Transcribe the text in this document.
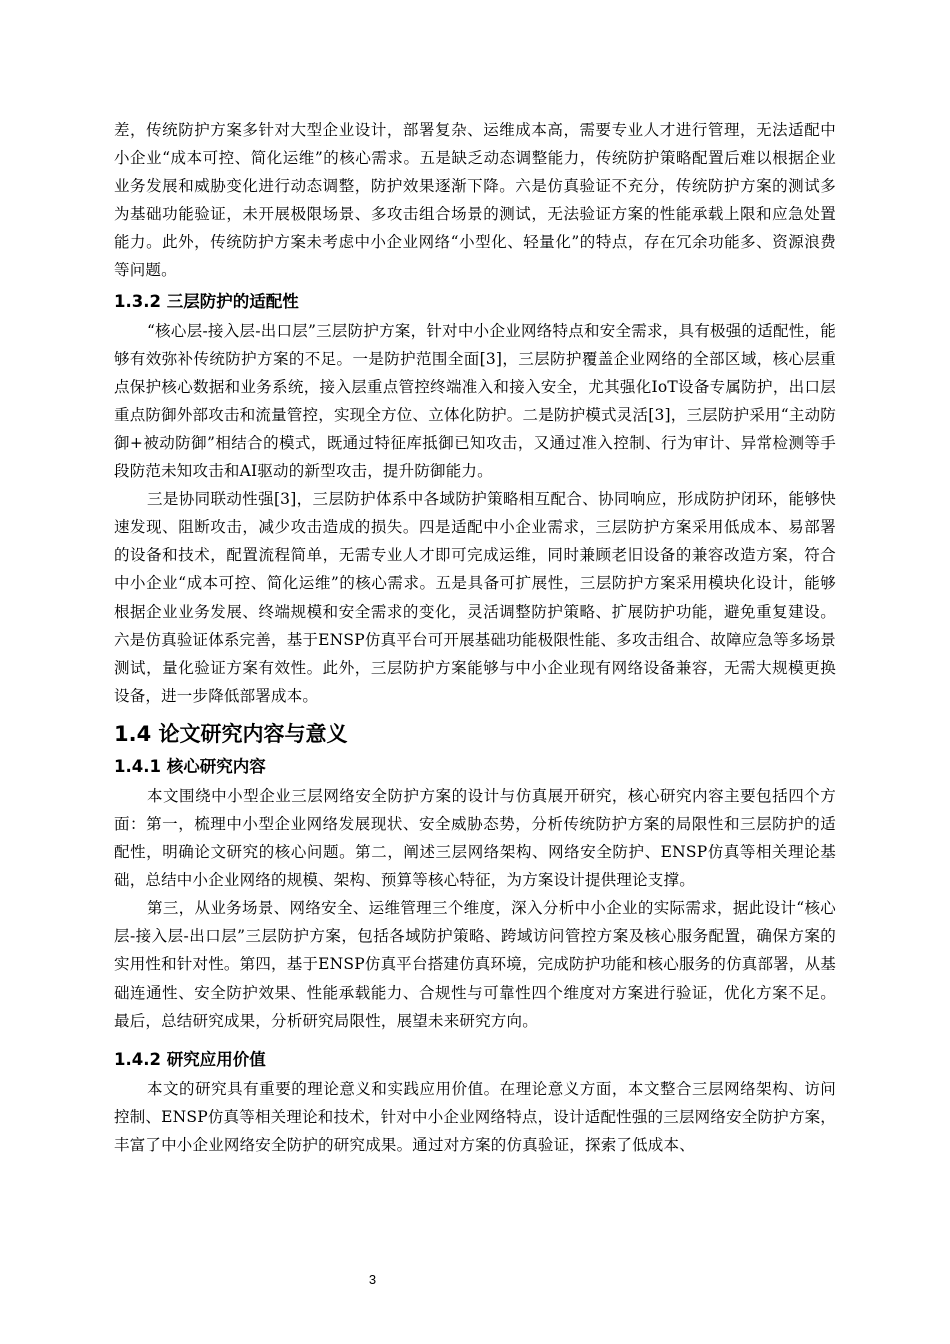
差，传统防护方案多针对大型企业设计，部署复杂、运维成本高，需要专业人才进行管理，无法适配中小企业“成本可控、简化运维”的核心需求。五是缺乏动态调整能力，传统防护策略配置后难以根据企业业务发展和威胁变化进行动态调整，防护效果逐渐下降。六是仿真验证不充分，传统防护方案的测试多为基础功能验证，未开展极限场景、多攻击组合场景的测试，无法验证方案的性能承载上限和应急处置能力。此外，传统防护方案未考虑中小企业网络“小型化、轻量化”的特点，存在冗余功能多、资源浪费等问题。

1.3.2 三层防护的适配性

“核心层-接入层-出口层”三层防护方案，针对中小企业网络特点和安全需求，具有极强的适配性，能够有效弥补传统防护方案的不足。一是防护范围全面[3]，三层防护覆盖企业网络的全部区域，核心层重点保护核心数据和业务系统，接入层重点管控终端准入和接入安全，尤其强化IoT设备专属防护，出口层重点防御外部攻击和流量管控，实现全方位、立体化防护。二是防护模式灵活[3]，三层防护采用“主动防御+被动防御”相结合的模式，既通过特征库抵御已知攻击，又通过准入控制、行为审计、异常检测等手段防范未知攻击和AI驱动的新型攻击，提升防御能力。

三是协同联动性强[3]，三层防护体系中各域防护策略相互配合、协同响应，形成防护闭环，能够快速发现、阻断攻击，减少攻击造成的损失。四是适配中小企业需求，三层防护方案采用低成本、易部署的设备和技术，配置流程简单，无需专业人才即可完成运维，同时兼顾老旧设备的兼容改造方案，符合中小企业“成本可控、简化运维”的核心需求。五是具备可扩展性，三层防护方案采用模块化设计，能够根据企业业务发展、终端规模和安全需求的变化，灵活调整防护策略、扩展防护功能，避免重复建设。六是仿真验证体系完善，基于ENSP仿真平台可开展基础功能极限性能、多攻击组合、故障应急等多场景测试，量化验证方案有效性。此外，三层防护方案能够与中小企业现有网络设备兼容，无需大规模更换设备，进一步降低部署成本。

1.4 论文研究内容与意义
1.4.1 核心研究内容

本文围绕中小型企业三层网络安全防护方案的设计与仿真展开研究，核心研究内容主要包括四个方面：第一，梳理中小型企业网络发展现状、安全威胁态势，分析传统防护方案的局限性和三层防护的适配性，明确论文研究的核心问题。第二，阐述三层网络架构、网络安全防护、ENSP仿真等相关理论基础，总结中小企业网络的规模、架构、预算等核心特征，为方案设计提供理论支撑。

第三，从业务场景、网络安全、运维管理三个维度，深入分析中小企业的实际需求，据此设计“核心层-接入层-出口层”三层防护方案，包括各域防护策略、跨域访问管控方案及核心服务配置，确保方案的实用性和针对性。第四，基于ENSP仿真平台搭建仿真环境，完成防护功能和核心服务的仿真部署，从基础连通性、安全防护效果、性能承载能力、合规性与可靠性四个维度对方案进行验证，优化方案不足。最后，总结研究成果，分析研究局限性，展望未来研究方向。

1.4.2 研究应用价值

本文的研究具有重要的理论意义和实践应用价值。在理论意义方面，本文整合三层网络架构、访问控制、ENSP仿真等相关理论和技术，针对中小企业网络特点，设计适配性强的三层网络安全防护方案，丰富了中小企业网络安全防护的研究成果。通过对方案的仿真验证，探索了低成本、

3
